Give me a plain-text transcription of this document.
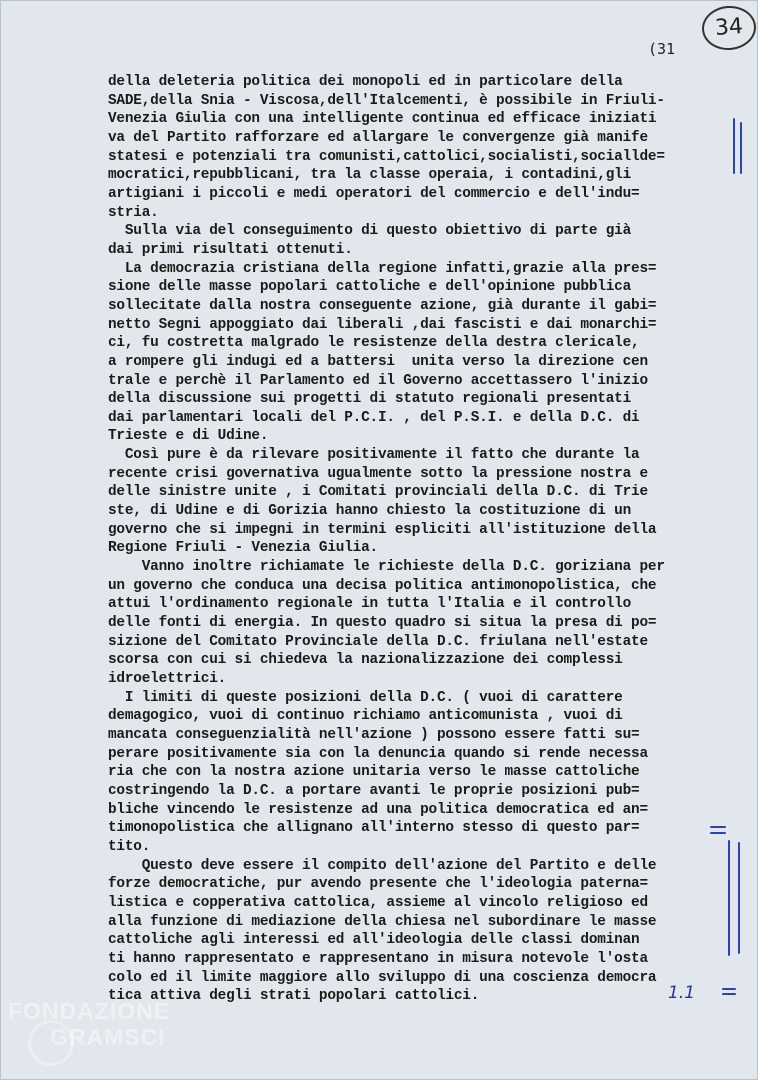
34
(31
della deleteria politica dei monopoli ed in particolare della
SADE,della Snia - Viscosa,dell'Italcementi, è possibile in Friuli-
Venezia Giulia con una intelligente continua ed efficace iniziati
va del Partito rafforzare ed allargare le convergenze già manife
statesi e potenziali tra comunisti,cattolici,socialisti,sociallde=
mocratici,repubblicani, tra la classe operaia, i contadini,gli
artigiani i piccoli e medi operatori del commercio e dell'indu=
stria.
Sulla via del conseguimento di questo obiettivo di parte già
dai primi risultati ottenuti.
La democrazia cristiana della regione infatti,grazie alla pres=
sione delle masse popolari cattoliche e dell'opinione pubblica
sollecitate dalla nostra conseguente azione, già durante il gabi=
netto Segni appoggiato dai liberali ,dai fascisti e dai monarchi=
ci, fu costretta malgrado le resistenze della destra clericale,
a rompere gli indugi ed a battersi  unita verso la direzione cen
trale e perchè il Parlamento ed il Governo accettassero l'inizio
della discussione sui progetti di statuto regionali presentati
dai parlamentari locali del P.C.I. , del P.S.I. e della D.C. di
Trieste e di Udine.
Così pure è da rilevare positivamente il fatto che durante la
recente crisi governativa ugualmente sotto la pressione nostra e
delle sinistre unite , i Comitati provinciali della D.C. di Trie
ste, di Udine e di Gorizia hanno chiesto la costituzione di un
governo che si impegni in termini espliciti all'istituzione della
Regione Friuli - Venezia Giulia.
Vanno inoltre richiamate le richieste della D.C. goriziana per
un governo che conduca una decisa politica antimonopolistica, che
attui l'ordinamento regionale in tutta l'Italia e il controllo
delle fonti di energia. In questo quadro si situa la presa di po=
sizione del Comitato Provinciale della D.C. friulana nell'estate
scorsa con cui si chiedeva la nazionalizzazione dei complessi
idroelettrici.
I limiti di queste posizioni della D.C. ( vuoi di carattere
demagogico, vuoi di continuo richiamo anticomunista , vuoi di
mancata conseguenzialità nell'azione ) possono essere fatti su=
perare positivamente sia con la denuncia quando si rende necessa
ria che con la nostra azione unitaria verso le masse cattoliche
costringendo la D.C. a portare avanti le proprie posizioni pub=
bliche vincendo le resistenze ad una politica democratica ed an=
timonopolistica che allignano all'interno stesso di questo par=
tito.
Questo deve essere il compito dell'azione del Partito e delle
forze democratiche, pur avendo presente che l'ideologia paterna=
listica e copperativa cattolica, assieme al vincolo religioso ed
alla funzione di mediazione della chiesa nel subordinare le masse
cattoliche agli interessi ed all'ideologia delle classi dominan
ti hanno rappresentato e rappresentano in misura notevole l'osta
colo ed il limite maggiore allo sviluppo di una coscienza democra
tica attiva degli strati popolari cattolici.	1.1
FONDAZIONE
GRAMSCI
